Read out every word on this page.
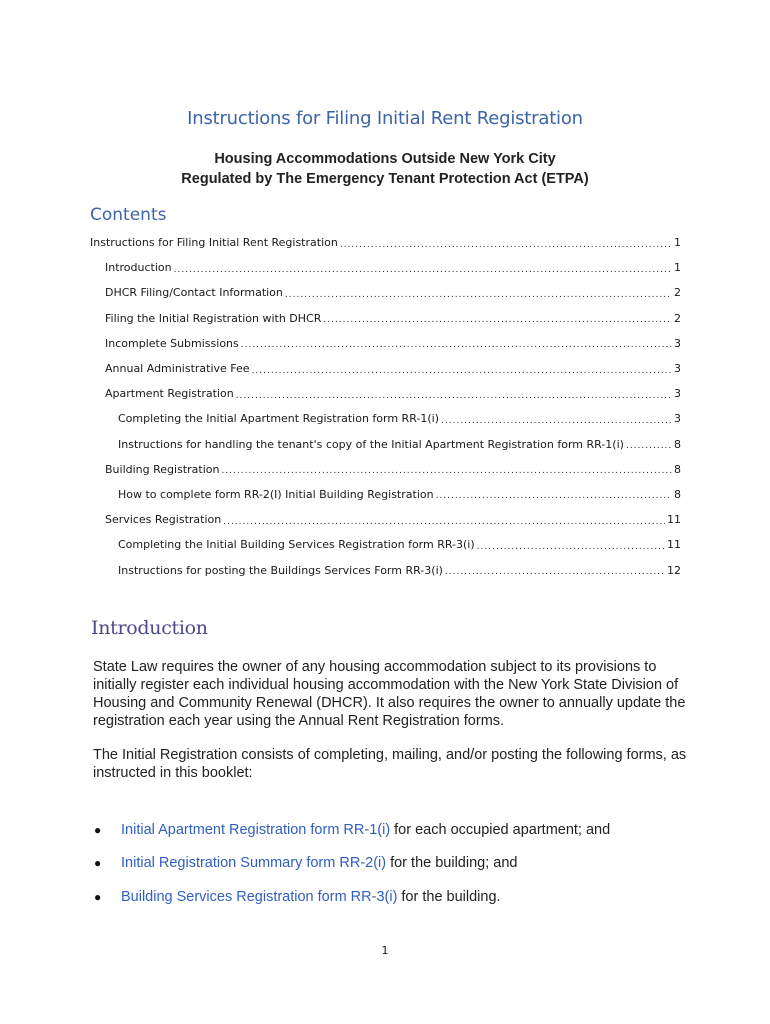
Instructions for Filing Initial Rent Registration
Housing Accommodations Outside New York City
Regulated by The Emergency Tenant Protection Act (ETPA)
Contents
Instructions for Filing Initial Rent Registration .....	1
Introduction .....	1
DHCR Filing/Contact Information .....	2
Filing the Initial Registration with DHCR .....	2
Incomplete Submissions .....	3
Annual Administrative Fee .....	3
Apartment Registration .....	3
Completing the Initial Apartment Registration form RR-1(i) .....	3
Instructions for handling the tenant's copy of the Initial Apartment Registration form RR-1(i) .....	8
Building Registration .....	8
How to complete form RR-2(I) Initial Building Registration .....	8
Services Registration .....	11
Completing the Initial Building Services Registration form RR-3(i) .....	11
Instructions for posting the Buildings Services Form RR-3(i) .....	12
Introduction

State Law requires the owner of any housing accommodation subject to its provisions to initially register each individual housing accommodation with the New York State Division of Housing and Community Renewal (DHCR). It also requires the owner to annually update the registration each year using the Annual Rent Registration forms.

The Initial Registration consists of completing, mailing, and/or posting the following forms, as instructed in this booklet:

●	Initial Apartment Registration form RR-1(i) for each occupied apartment; and
●	Initial Registration Summary form RR-2(i) for the building; and
●	Building Services Registration form RR-3(i) for the building.
1
